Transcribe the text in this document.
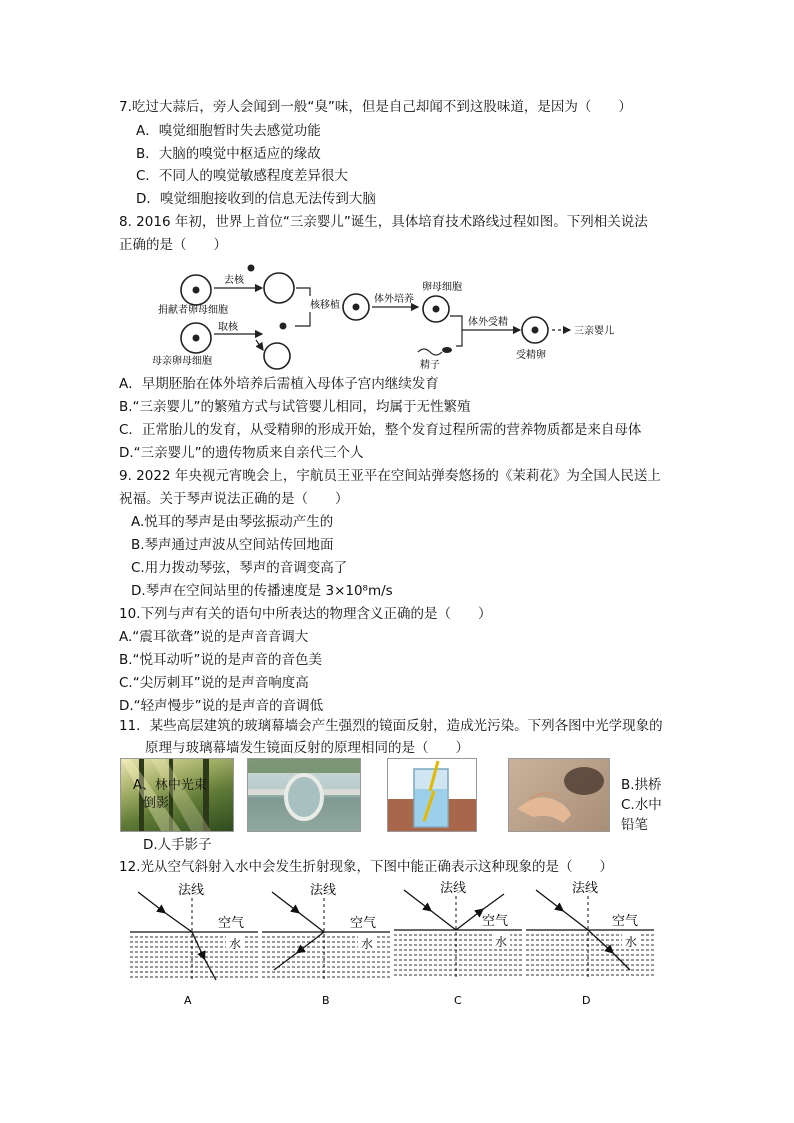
7.吃过大蒜后，旁人会闻到一般“臭”味，但是自己却闻不到这股味道，是因为（　　）
A．嗅觉细胞暂时失去感觉功能
B．大脑的嗅觉中枢适应的缘故
C．不同人的嗅觉敏感程度差异很大
D．嗅觉细胞接收到的信息无法传到大脑
8. 2016 年初，世界上首位“三亲婴儿”诞生，具体培育技术路线过程如图。下列相关说法
正确的是（　　）
捐献者卵母细胞
去核
母亲卵母细胞
取核
核移植
体外培养
卵母细胞
体外受精
精子
受精卵
三亲婴儿
A．早期胚胎在体外培养后需植入母体子宫内继续发育
B.“三亲婴儿”的繁殖方式与试管婴儿相同，均属于无性繁殖
C．正常胎儿的发育，从受精卵的形成开始，整个发育过程所需的营养物质都是来自母体
D.“三亲婴儿”的遗传物质来自亲代三个人
9. 2022 年央视元宵晚会上，宇航员王亚平在空间站弹奏悠扬的《茉莉花》为全国人民送上
祝福。关于琴声说法正确的是（　　）
A.悦耳的琴声是由琴弦振动产生的
B.琴声通过声波从空间站传回地面
C.用力拨动琴弦，琴声的音调变高了
D.琴声在空间站里的传播速度是 3×10⁸m/s
10.下列与声有关的语句中所表达的物理含义正确的是（　　）
A.“震耳欲聋”说的是声音音调大
B.“悦耳动听”说的是声音的音色美
C.“尖厉刺耳”说的是声音响度高
D.“轻声慢步”说的是声音的音调低
11．某些高层建筑的玻璃幕墙会产生强烈的镜面反射，造成光污染。下列各图中光学现象的
原理与玻璃幕墙发生镜面反射的原理相同的是（　　）
A、林中光束
倒影
B.拱桥
C.水中
铅笔
D.人手影子
12.光从空气斜射入水中会发生折射现象，下图中能正确表示这种现象的是（　　）
法线
空气
水
A
法线
空气
水
B
法线
空气
水
C
法线
空气
水
D
